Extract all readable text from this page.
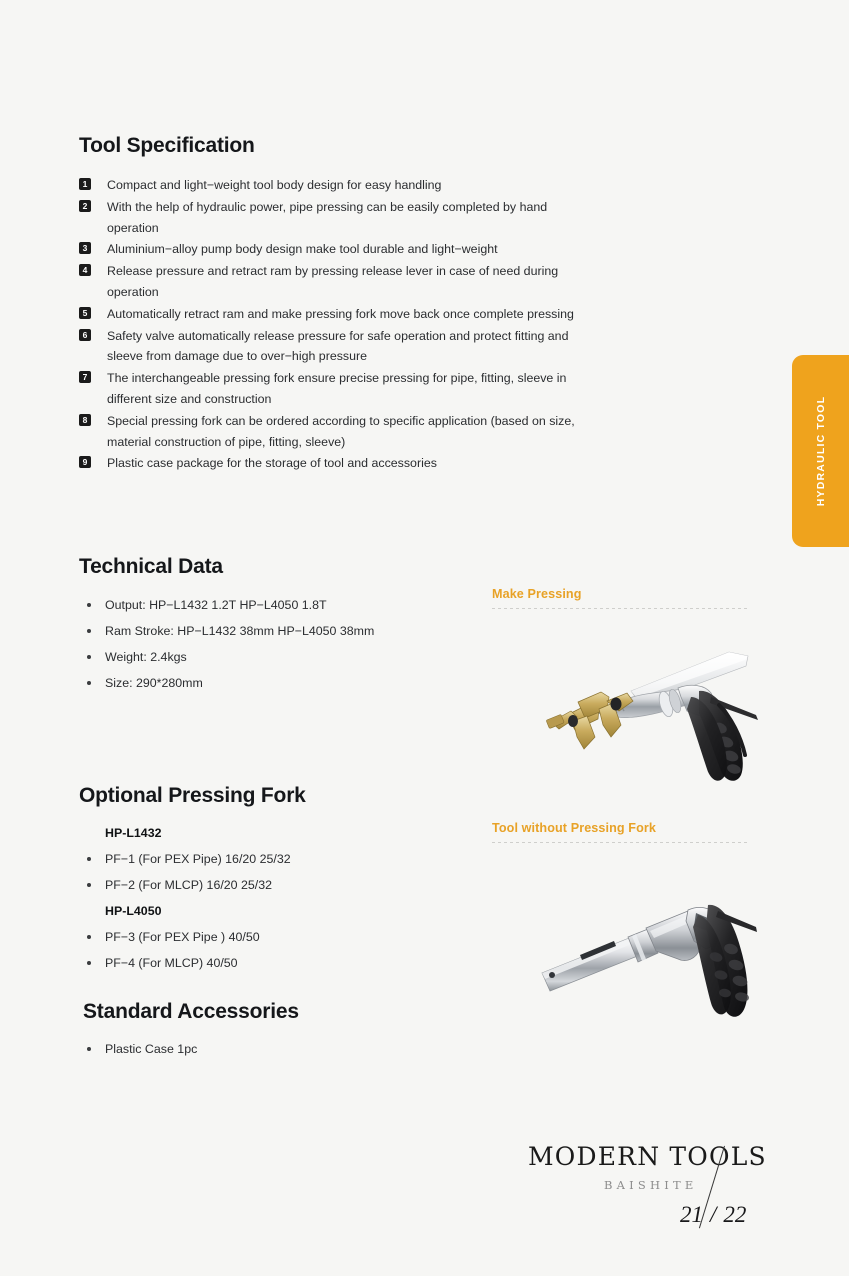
HYDRAULIC TOOL
Tool Specification
1 Compact and light−weight tool body design for easy handling
2 With the help of hydraulic power, pipe pressing can be easily completed by hand operation
3 Aluminium−alloy pump body design make tool durable and light−weight
4 Release pressure and retract ram by pressing release lever in case of need during operation
5 Automatically retract ram and make pressing fork move back once complete pressing
6 Safety valve automatically release pressure for safe operation and protect fitting and sleeve from damage due to over−high pressure
7 The interchangeable pressing fork ensure precise pressing for pipe, fitting, sleeve in different size and construction
8 Special pressing fork can be ordered according to specific application (based on size, material construction of pipe, fitting, sleeve)
9 Plastic case package for the storage of tool and accessories
Technical Data
Output: HP−L1432 1.2T HP−L4050 1.8T
Ram Stroke: HP−L1432 38mm HP−L4050 38mm
Weight: 2.4kgs
Size: 290*280mm
Optional Pressing Fork
HP-L1432
PF−1 (For PEX Pipe) 16/20 25/32
PF−2 (For MLCP) 16/20 25/32
HP-L4050
PF−3 (For PEX Pipe ) 40/50
PF−4 (For MLCP) 40/50
Standard Accessories
Plastic Case 1pc
Make Pressing
Tool without Pressing Fork
MODERN TOOLS
BAISHITE
21 / 22
